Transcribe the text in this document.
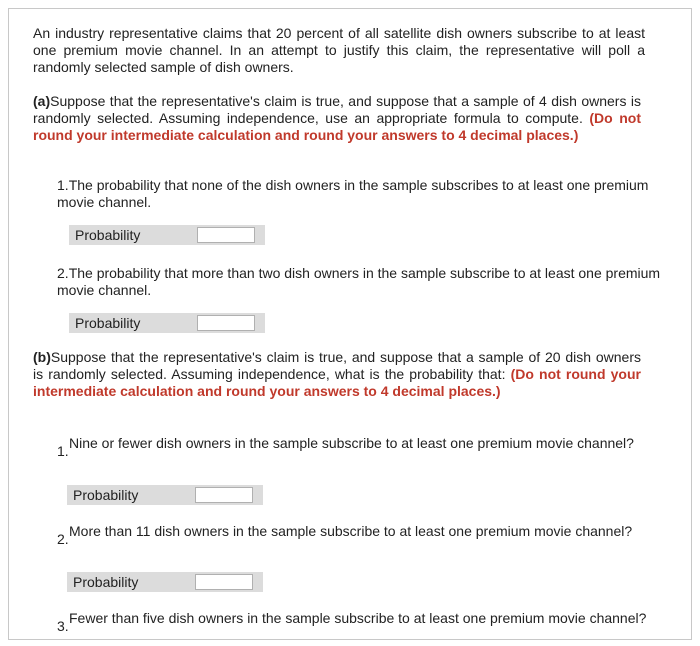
An industry representative claims that 20 percent of all satellite dish owners subscribe to at least one premium movie channel. In an attempt to justify this claim, the representative will poll a randomly selected sample of dish owners.
(a)Suppose that the representative's claim is true, and suppose that a sample of 4 dish owners is randomly selected. Assuming independence, use an appropriate formula to compute. (Do not round your intermediate calculation and round your answers to 4 decimal places.)
1.The probability that none of the dish owners in the sample subscribes to at least one premium movie channel.
Probability
2.The probability that more than two dish owners in the sample subscribe to at least one premium movie channel.
Probability
(b)Suppose that the representative's claim is true, and suppose that a sample of 20 dish owners is randomly selected. Assuming independence, what is the probability that: (Do not round your intermediate calculation and round your answers to 4 decimal places.)
1. Nine or fewer dish owners in the sample subscribe to at least one premium movie channel?
Probability
2. More than 11 dish owners in the sample subscribe to at least one premium movie channel?
Probability
3. Fewer than five dish owners in the sample subscribe to at least one premium movie channel?
